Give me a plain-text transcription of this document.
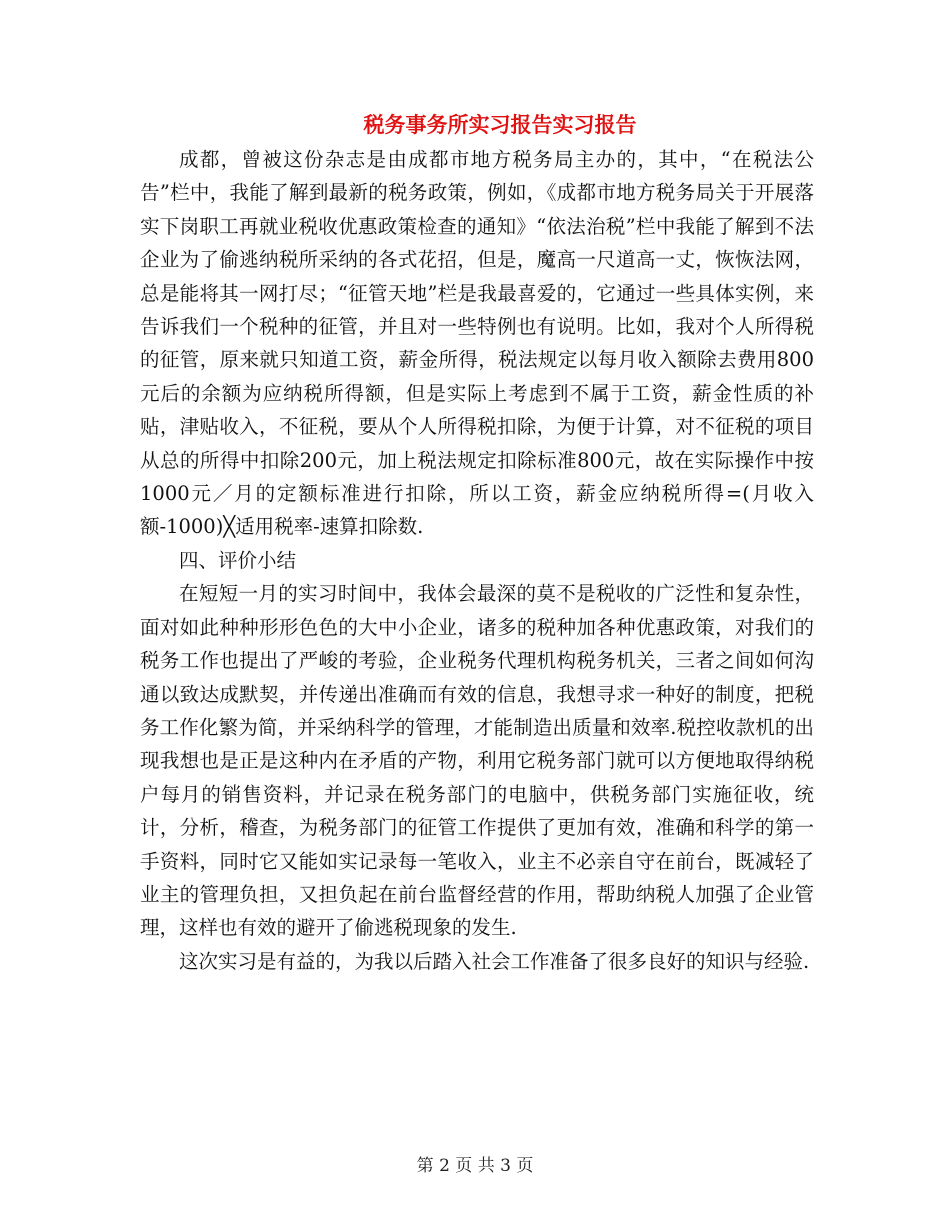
税务事务所实习报告实习报告

成都，曾被这份杂志是由成都市地方税务局主办的，其中，“在税法公告”栏中，我能了解到最新的税务政策，例如，《成都市地方税务局关于开展落实下岗职工再就业税收优惠政策检查的通知》“依法治税”栏中我能了解到不法企业为了偷逃纳税所采纳的各式花招，但是，魔高一尺道高一丈，恢恢法网，总是能将其一网打尽；“征管天地”栏是我最喜爱的，它通过一些具体实例，来告诉我们一个税种的征管，并且对一些特例也有说明。比如，我对个人所得税的征管，原来就只知道工资，薪金所得，税法规定以每月收入额除去费用800元后的余额为应纳税所得额，但是实际上考虑到不属于工资，薪金性质的补贴，津贴收入，不征税，要从个人所得税扣除，为便于计算，对不征税的项目从总的所得中扣除200元，加上税法规定扣除标准800元，故在实际操作中按1000元／月的定额标准进行扣除，所以工资，薪金应纳税所得=(月收入额-1000)╳适用税率-速算扣除数.

四、评价小结

在短短一月的实习时间中，我体会最深的莫不是税收的广泛性和复杂性，面对如此种种形形色色的大中小企业，诸多的税种加各种优惠政策，对我们的税务工作也提出了严峻的考验，企业税务代理机构税务机关，三者之间如何沟通以致达成默契，并传递出准确而有效的信息，我想寻求一种好的制度，把税务工作化繁为简，并采纳科学的管理，才能制造出质量和效率.税控收款机的出现我想也是正是这种内在矛盾的产物，利用它税务部门就可以方便地取得纳税户每月的销售资料，并记录在税务部门的电脑中，供税务部门实施征收，统计，分析，稽查，为税务部门的征管工作提供了更加有效，准确和科学的第一手资料，同时它又能如实记录每一笔收入，业主不必亲自守在前台，既减轻了业主的管理负担，又担负起在前台监督经营的作用，帮助纳税人加强了企业管理，这样也有效的避开了偷逃税现象的发生.

这次实习是有益的，为我以后踏入社会工作准备了很多良好的知识与经验.

第 2 页 共 3 页
